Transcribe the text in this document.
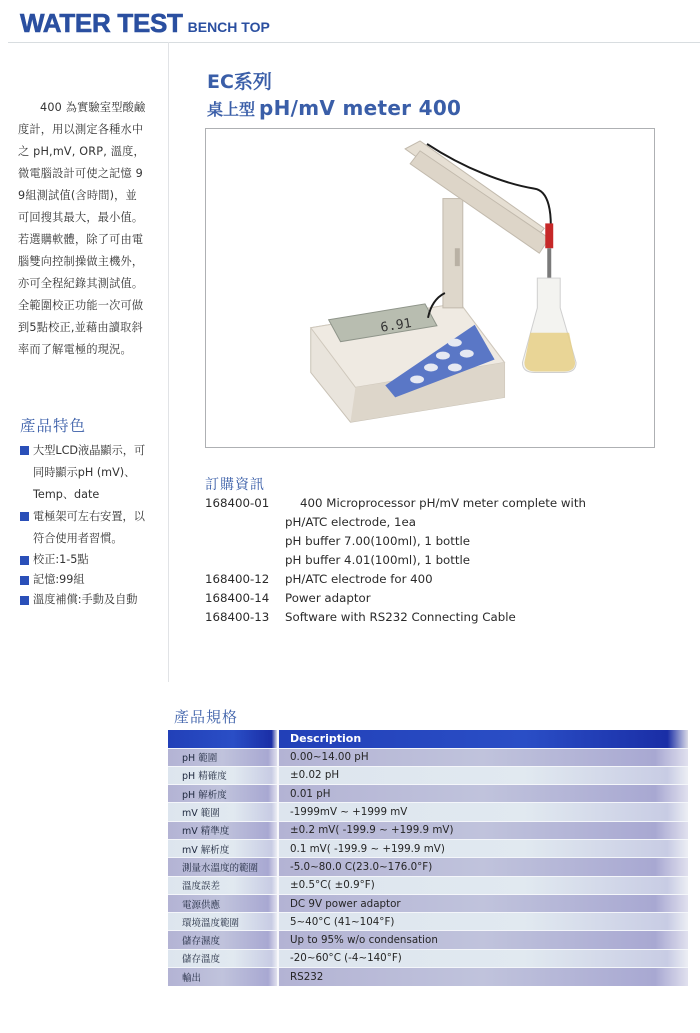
WATER TEST BENCH TOP

400 為實驗室型酸鹼度計，用以測定各種水中之 pH,mV, ORP, 溫度，微電腦設計可使之記憶 99組測試值(含時間)，並可回搜其最大，最小值。若選購軟體，除了可由電腦雙向控制操做主機外，亦可全程紀錄其測試值。全範圍校正功能一次可做到5點校正,並藉由讀取斜率而了解電極的現況。

產品特色
大型LCD液晶顯示，可同時顯示pH (mV)、Temp、date
電極架可左右安置，以符合使用者習慣。
校正:1-5點
記憶:99組
溫度補償:手動及自動
EC系列
桌上型 pH/mV meter 400
6.91
訂購資訊
168400-01	400 Microprocessor pH/mV meter complete with
pH/ATC electrode, 1ea
pH buffer 7.00(100ml), 1 bottle
pH buffer 4.01(100ml), 1 bottle
168400-12	pH/ATC electrode for 400
168400-14	Power adaptor
168400-13	Software with RS232 Connecting Cable
產品規格
	Description
pH 範圍	0.00~14.00 pH
pH 精確度	±0.02 pH
pH 解析度	0.01 pH
mV 範圍	-1999mV ~ +1999 mV
mV 精準度	±0.2 mV( -199.9 ~ +199.9 mV)
mV 解析度	0.1 mV( -199.9 ~ +199.9 mV)
測量水溫度的範圍	-5.0~80.0 C(23.0~176.0°F)
溫度誤差	±0.5°C( ±0.9°F)
電源供應	DC 9V power adaptor
環境溫度範圍	5~40°C (41~104°F)
儲存濕度	Up to 95% w/o condensation
儲存溫度	-20~60°C (-4~140°F)
輸出	RS232
